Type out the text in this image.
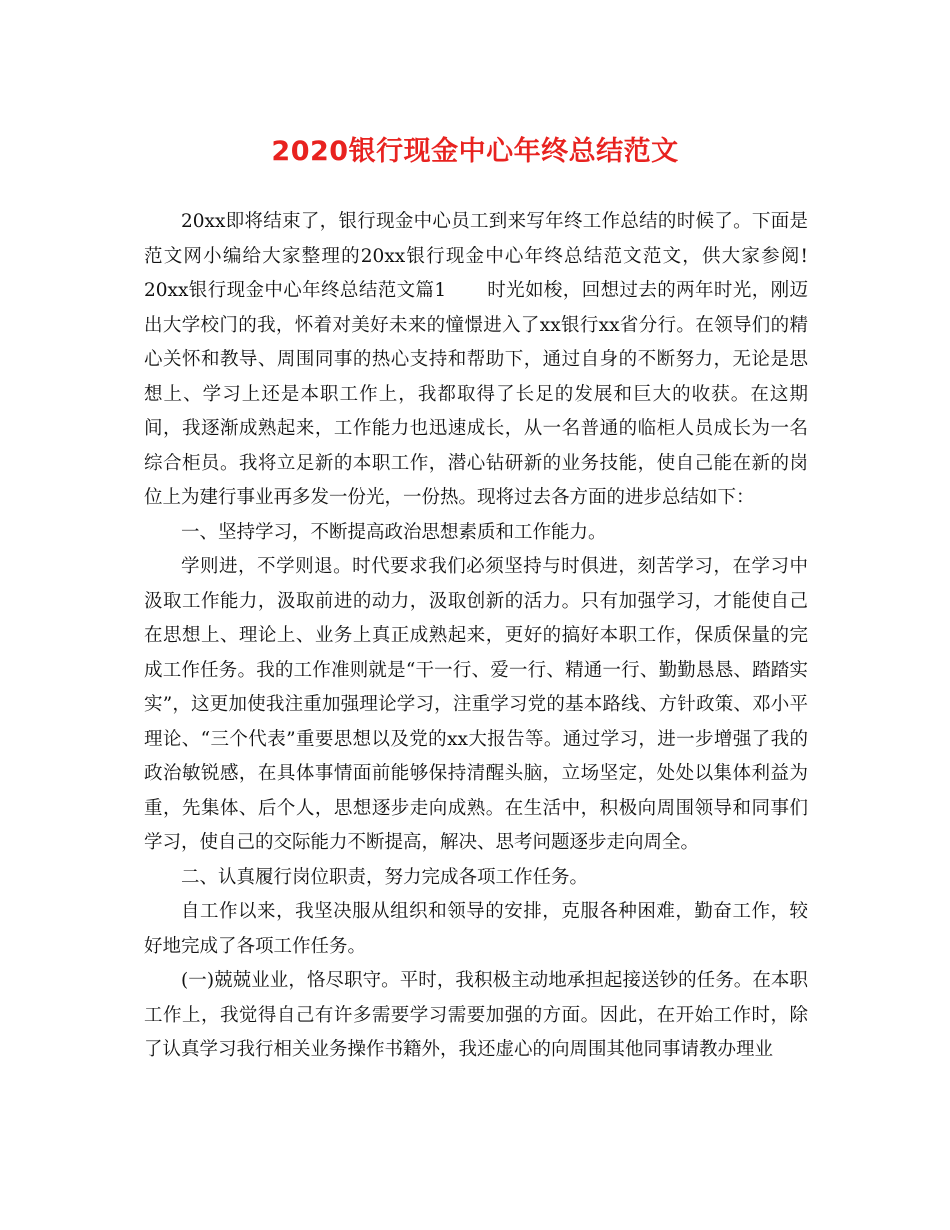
2020银行现金中心年终总结范文

20xx即将结束了，银行现金中心员工到来写年终工作总结的时候了。下面是范文网小编给大家整理的20xx银行现金中心年终总结范文范文，供大家参阅! 20xx银行现金中心年终总结范文篇1 时光如梭，回想过去的两年时光，刚迈出大学校门的我，怀着对美好未来的憧憬进入了xx银行xx省分行。在领导们的精心关怀和教导、周围同事的热心支持和帮助下，通过自身的不断努力，无论是思想上、学习上还是本职工作上，我都取得了长足的发展和巨大的收获。在这期间，我逐渐成熟起来，工作能力也迅速成长，从一名普通的临柜人员成长为一名综合柜员。我将立足新的本职工作，潜心钻研新的业务技能，使自己能在新的岗位上为建行事业再多发一份光，一份热。现将过去各方面的进步总结如下：

一、坚持学习，不断提高政治思想素质和工作能力。

学则进，不学则退。时代要求我们必须坚持与时俱进，刻苦学习，在学习中汲取工作能力，汲取前进的动力，汲取创新的活力。只有加强学习，才能使自己在思想上、理论上、业务上真正成熟起来，更好的搞好本职工作，保质保量的完成工作任务。我的工作准则就是“干一行、爱一行、精通一行、勤勤恳恳、踏踏实实”，这更加使我注重加强理论学习，注重学习党的基本路线、方针政策、邓小平理论、“三个代表”重要思想以及党的xx大报告等。通过学习，进一步增强了我的政治敏锐感，在具体事情面前能够保持清醒头脑，立场坚定，处处以集体利益为重，先集体、后个人，思想逐步走向成熟。在生活中，积极向周围领导和同事们学习，使自己的交际能力不断提高，解决、思考问题逐步走向周全。

二、认真履行岗位职责，努力完成各项工作任务。

自工作以来，我坚决服从组织和领导的安排，克服各种困难，勤奋工作，较好地完成了各项工作任务。

(一)兢兢业业，恪尽职守。平时，我积极主动地承担起接送钞的任务。在本职工作上，我觉得自己有许多需要学习需要加强的方面。因此，在开始工作时，除了认真学习我行相关业务操作书籍外，我还虚心的向周围其他同事请教办理业
